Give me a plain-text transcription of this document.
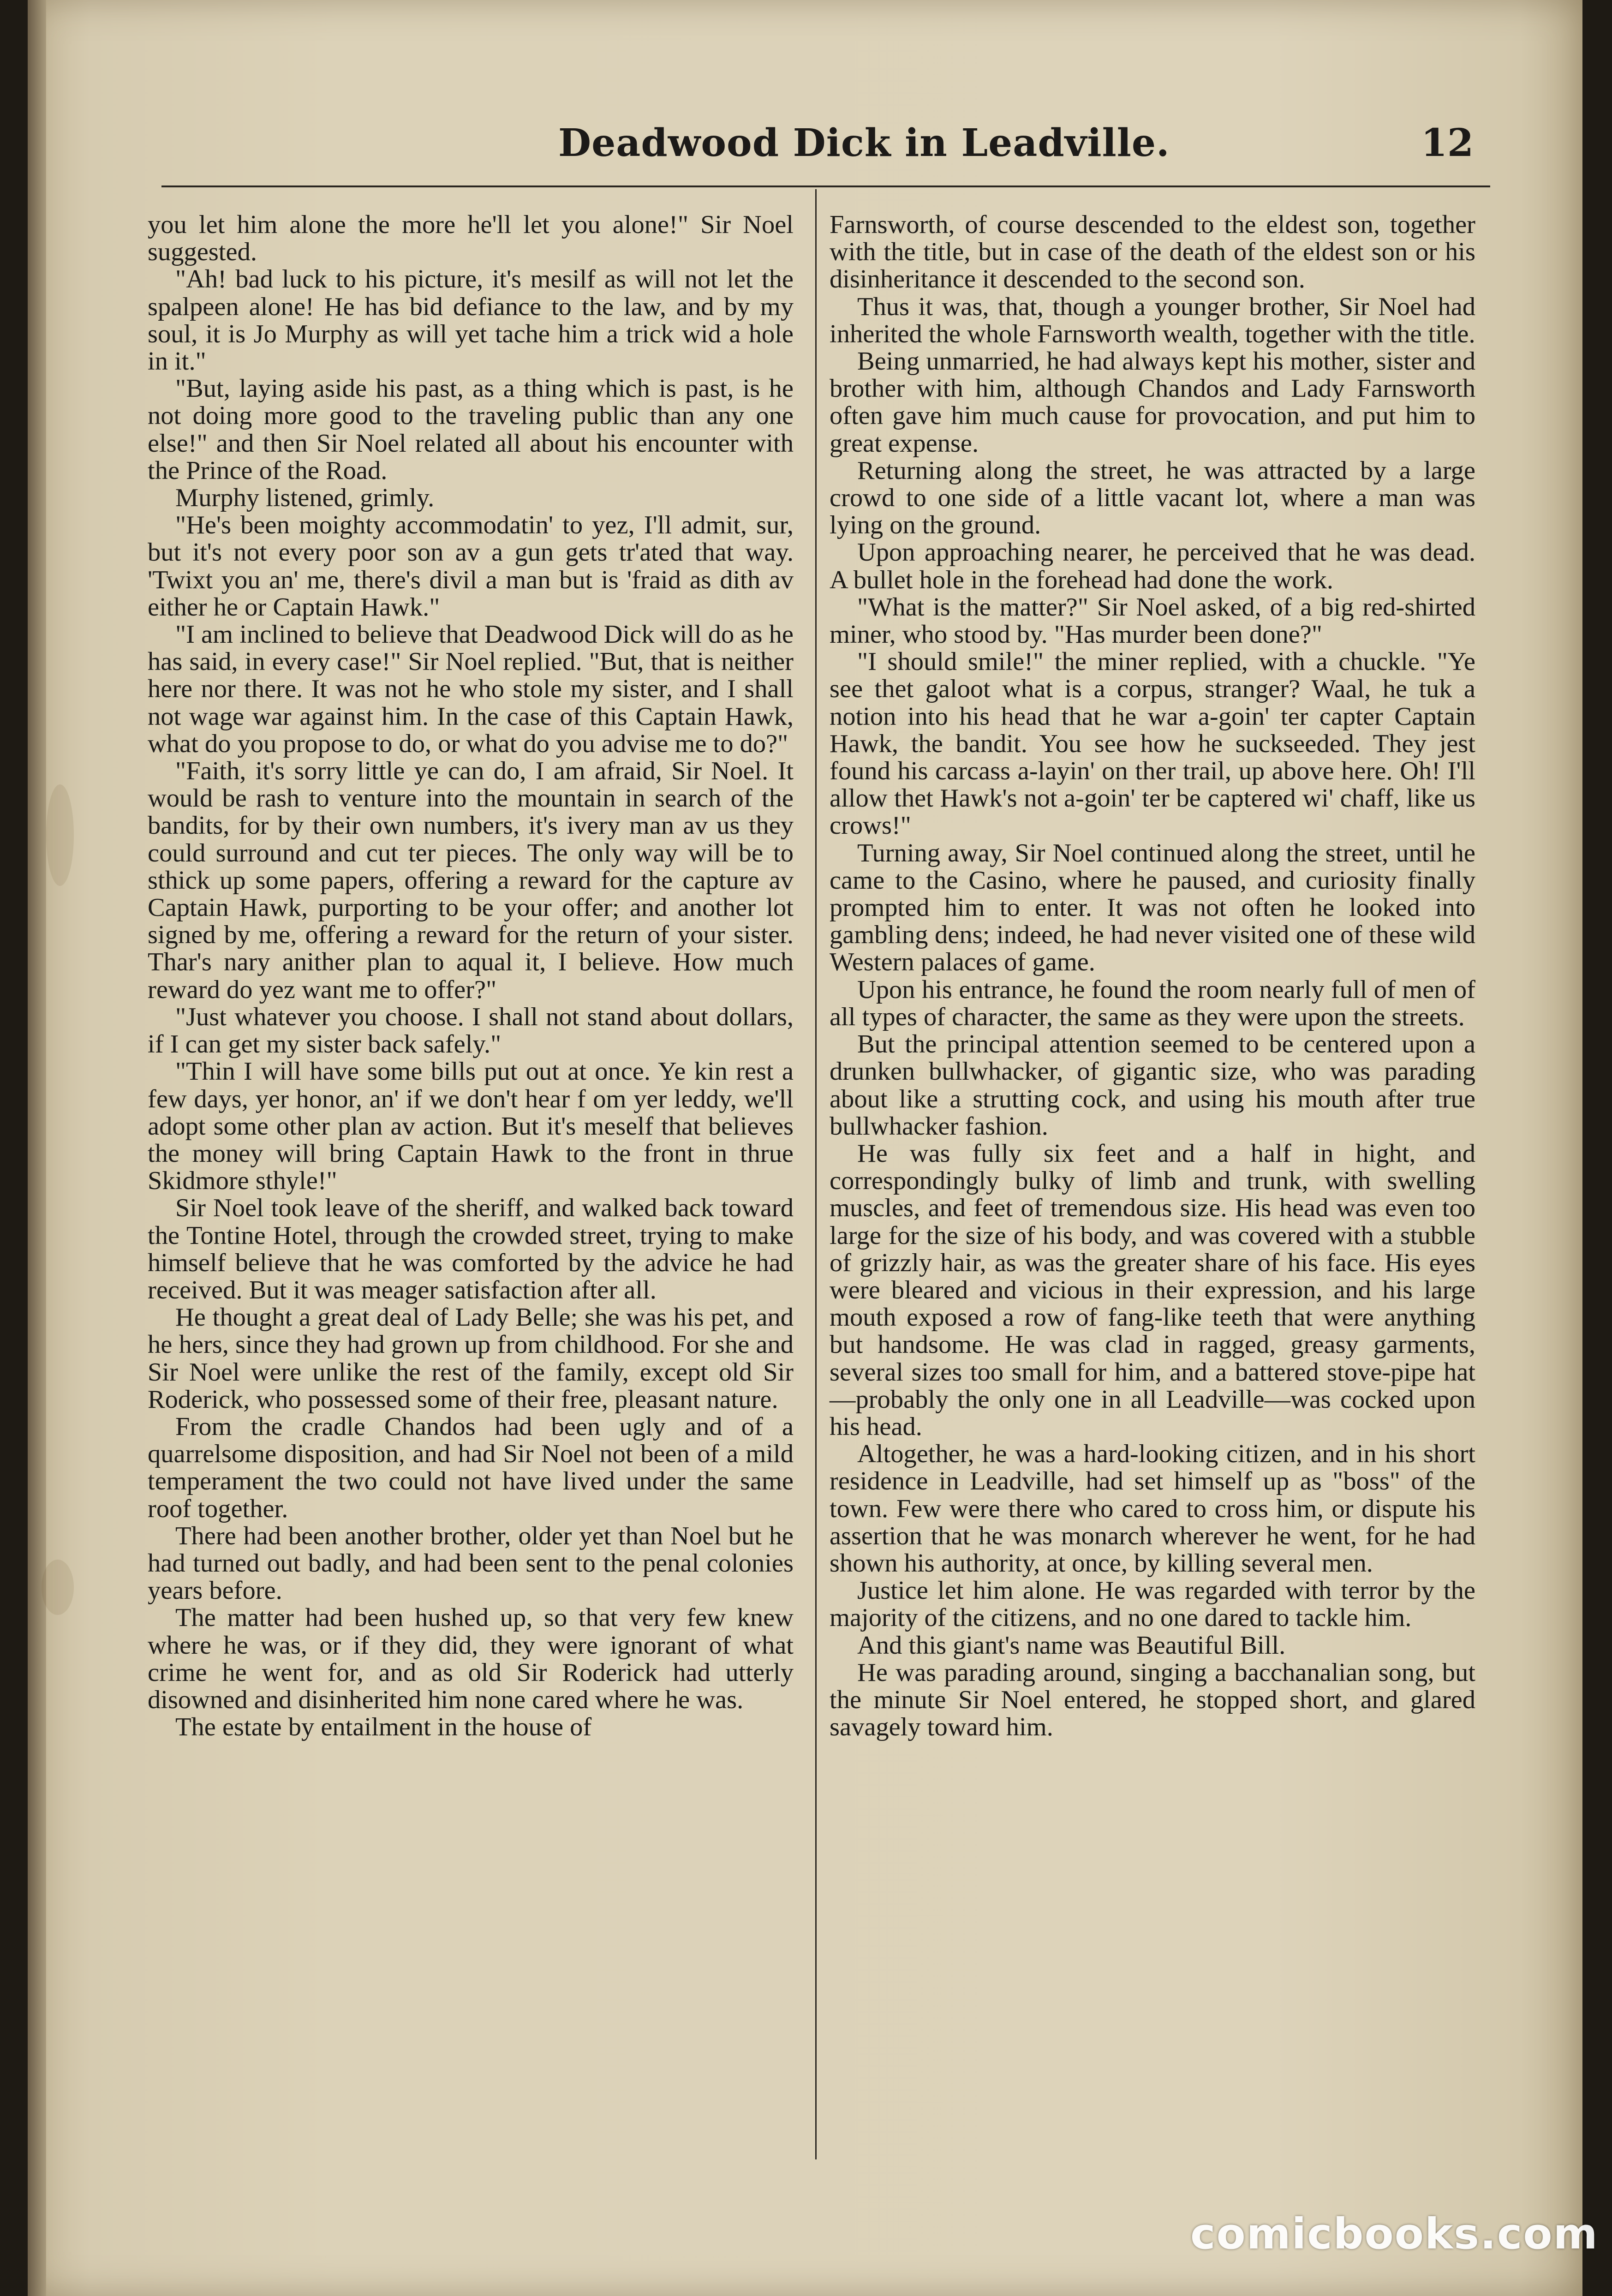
Deadwood Dick in Leadville.	12

you let him alone the more he'll let you alone!" Sir Noel suggested.

"Ah! bad luck to his picture, it's mesilf as will not let the spalpeen alone! He has bid defiance to the law, and by my soul, it is Jo Murphy as will yet tache him a trick wid a hole in it."

"But, laying aside his past, as a thing which is past, is he not doing more good to the traveling public than any one else!" and then Sir Noel related all about his encounter with the Prince of the Road.

Murphy listened, grimly.

"He's been moighty accommodatin' to yez, I'll admit, sur, but it's not every poor son av a gun gets tr'ated that way. 'Twixt you an' me, there's divil a man but is 'fraid as dith av either he or Captain Hawk."

"I am inclined to believe that Deadwood Dick will do as he has said, in every case!" Sir Noel replied. "But, that is neither here nor there. It was not he who stole my sister, and I shall not wage war against him. In the case of this Captain Hawk, what do you propose to do, or what do you advise me to do?"

"Faith, it's sorry little ye can do, I am afraid, Sir Noel. It would be rash to venture into the mountain in search of the bandits, for by their own numbers, it's ivery man av us they could surround and cut ter pieces. The only way will be to sthick up some papers, offering a reward for the capture av Captain Hawk, purporting to be your offer; and another lot signed by me, offering a reward for the return of your sister. Thar's nary anither plan to aqual it, I believe. How much reward do yez want me to offer?"

"Just whatever you choose. I shall not stand about dollars, if I can get my sister back safely."

"Thin I will have some bills put out at once. Ye kin rest a few days, yer honor, an' if we don't hear f om yer leddy, we'll adopt some other plan av action. But it's meself that believes the money will bring Captain Hawk to the front in thrue Skidmore sthyle!"

Sir Noel took leave of the sheriff, and walked back toward the Tontine Hotel, through the crowded street, trying to make himself believe that he was comforted by the advice he had received. But it was meager satisfaction after all.

He thought a great deal of Lady Belle; she was his pet, and he hers, since they had grown up from childhood. For she and Sir Noel were unlike the rest of the family, except old Sir Roderick, who possessed some of their free, pleasant nature.

From the cradle Chandos had been ugly and of a quarrelsome disposition, and had Sir Noel not been of a mild temperament the two could not have lived under the same roof together.

There had been another brother, older yet than Noel but he had turned out badly, and had been sent to the penal colonies years before.

The matter had been hushed up, so that very few knew where he was, or if they did, they were ignorant of what crime he went for, and as old Sir Roderick had utterly disowned and disinherited him none cared where he was.

The estate by entailment in the house of

Farnsworth, of course descended to the eldest son, together with the title, but in case of the death of the eldest son or his disinheritance it descended to the second son.

Thus it was, that, though a younger brother, Sir Noel had inherited the whole Farnsworth wealth, together with the title.

Being unmarried, he had always kept his mother, sister and brother with him, although Chandos and Lady Farnsworth often gave him much cause for provocation, and put him to great expense.

Returning along the street, he was attracted by a large crowd to one side of a little vacant lot, where a man was lying on the ground.

Upon approaching nearer, he perceived that he was dead. A bullet hole in the forehead had done the work.

"What is the matter?" Sir Noel asked, of a big red-shirted miner, who stood by. "Has murder been done?"

"I should smile!" the miner replied, with a chuckle. "Ye see thet galoot what is a corpus, stranger? Waal, he tuk a notion into his head that he war a-goin' ter capter Captain Hawk, the bandit. You see how he suckseeded. They jest found his carcass a-layin' on ther trail, up above here. Oh! I'll allow thet Hawk's not a-goin' ter be captered wi' chaff, like us crows!"

Turning away, Sir Noel continued along the street, until he came to the Casino, where he paused, and curiosity finally prompted him to enter. It was not often he looked into gambling dens; indeed, he had never visited one of these wild Western palaces of game.

Upon his entrance, he found the room nearly full of men of all types of character, the same as they were upon the streets.

But the principal attention seemed to be centered upon a drunken bullwhacker, of gigantic size, who was parading about like a strutting cock, and using his mouth after true bullwhacker fashion.

He was fully six feet and a half in hight, and correspondingly bulky of limb and trunk, with swelling muscles, and feet of tremendous size. His head was even too large for the size of his body, and was covered with a stubble of grizzly hair, as was the greater share of his face. His eyes were bleared and vicious in their expression, and his large mouth exposed a row of fang-like teeth that were anything but handsome. He was clad in ragged, greasy garments, several sizes too small for him, and a battered stove-pipe hat—probably the only one in all Leadville—was cocked upon his head.

Altogether, he was a hard-looking citizen, and in his short residence in Leadville, had set himself up as "boss" of the town. Few were there who cared to cross him, or dispute his assertion that he was monarch wherever he went, for he had shown his authority, at once, by killing several men.

Justice let him alone. He was regarded with terror by the majority of the citizens, and no one dared to tackle him.

And this giant's name was Beautiful Bill.

He was parading around, singing a bacchanalian song, but the minute Sir Noel entered, he stopped short, and glared savagely toward him.

comicbooks.com
